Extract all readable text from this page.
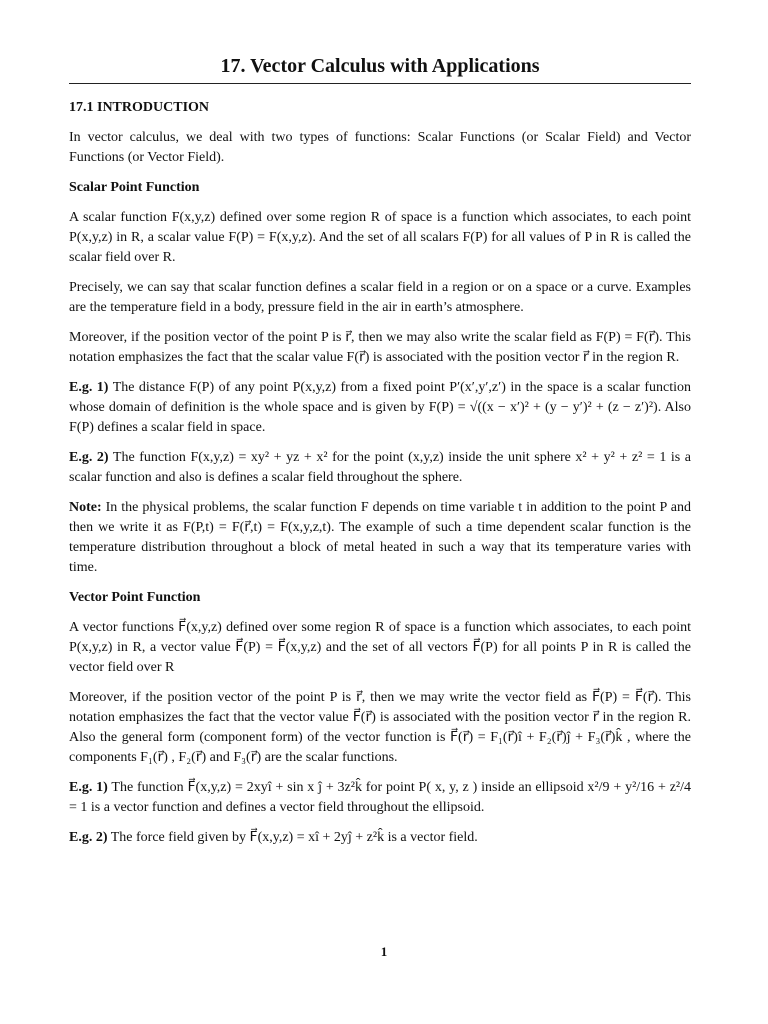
17. Vector Calculus with Applications
17.1 INTRODUCTION

In vector calculus, we deal with two types of functions: Scalar Functions (or Scalar Field) and Vector Functions (or Vector Field).

Scalar Point Function

A scalar function F(x,y,z) defined over some region R of space is a function which associates, to each point P(x,y,z) in R, a scalar value F(P) = F(x,y,z). And the set of all scalars F(P) for all values of P in R is called the scalar field over R.

Precisely, we can say that scalar function defines a scalar field in a region or on a space or a curve. Examples are the temperature field in a body, pressure field in the air in earth’s atmosphere.

Moreover, if the position vector of the point P is r⃗, then we may also write the scalar field as F(P) = F(r⃗). This notation emphasizes the fact that the scalar value F(r⃗) is associated with the position vector r⃗ in the region R.

E.g. 1) The distance F(P) of any point P(x,y,z) from a fixed point P′(x′,y′,z′) in the space is a scalar function whose domain of definition is the whole space and is given by F(P) = √((x − x′)² + (y − y′)² + (z − z′)²). Also F(P) defines a scalar field in space.

E.g. 2) The function F(x,y,z) = xy² + yz + x² for the point (x,y,z) inside the unit sphere x² + y² + z² = 1 is a scalar function and also is defines a scalar field throughout the sphere.

Note: In the physical problems, the scalar function F depends on time variable t in addition to the point P and then we write it as F(P,t) = F(r⃗,t) = F(x,y,z,t). The example of such a time dependent scalar function is the temperature distribution throughout a block of metal heated in such a way that its temperature varies with time.

Vector Point Function

A vector functions F⃗(x,y,z) defined over some region R of space is a function which associates, to each point P(x,y,z) in R, a vector value F⃗(P) = F⃗(x,y,z) and the set of all vectors F⃗(P) for all points P in R is called the vector field over R

Moreover, if the position vector of the point P is r⃗, then we may write the vector field as F⃗(P) = F⃗(r⃗). This notation emphasizes the fact that the vector value F⃗(r⃗) is associated with the position vector r⃗ in the region R. Also the general form (component form) of the vector function is F⃗(r⃗) = F₁(r⃗)î + F₂(r⃗)ĵ + F₃(r⃗)k̂ , where the components F₁(r⃗) , F₂(r⃗) and F₃(r⃗) are the scalar functions.

E.g. 1) The function F⃗(x,y,z) = 2xyî + sin x ĵ + 3z²k̂ for point P( x, y, z ) inside an ellipsoid x²/9 + y²/16 + z²/4 = 1 is a vector function and defines a vector field throughout the ellipsoid.

E.g. 2) The force field given by F⃗(x,y,z) = xî + 2yĵ + z²k̂ is a vector field.

1
